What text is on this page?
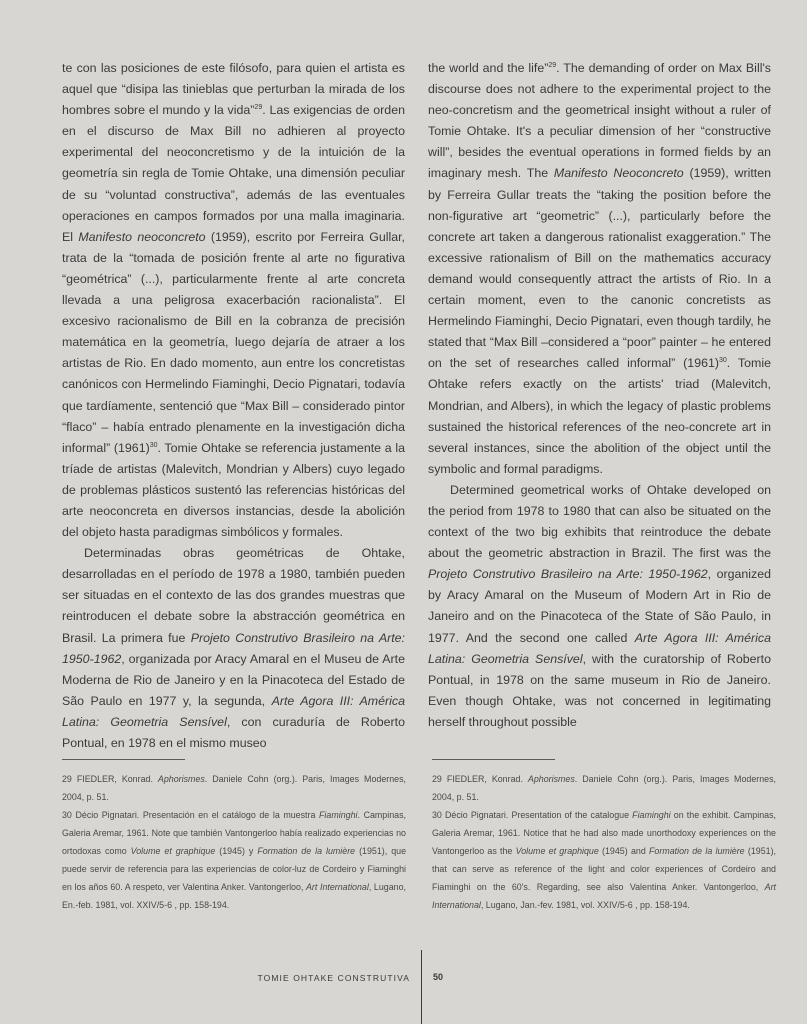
te con las posiciones de este filósofo, para quien el artista es aquel que “disipa las tinieblas que perturban la mirada de los hombres sobre el mundo y la vida”$^{29}$. Las exigencias de orden en el discurso de Max Bill no adhieren al proyecto experimental del neoconcretismo y de la intuición de la geometría sin regla de Tomie Ohtake, una dimensión peculiar de su “voluntad constructiva”, además de las eventuales operaciones en campos formados por una malla imaginaria. El Manifesto neoconcreto (1959), escrito por Ferreira Gullar, trata de la “tomada de posición frente al arte no figurativa “geométrica” (...), particularmente frente al arte concreta llevada a una peligrosa exacerbación racionalista”. El excesivo racionalismo de Bill en la cobranza de precisión matemática en la geometría, luego dejaría de atraer a los artistas de Rio. En dado momento, aun entre los concretistas canónicos con Hermelindo Fiaminghi, Decio Pignatari, todavía que tardíamente, sentenció que “Max Bill – considerado pintor “flaco” – había entrado plenamente en la investigación dicha informal” $(1961)^{30}$. Tomie Ohtake se referencia justamente a la tríade de artistas (Malevitch, Mondrian y Albers) cuyo legado de problemas plásticos sustentó las referencias históricas del arte neoconcreta en diversos instancias, desde la abolición del objeto hasta paradigmas simbólicos y formales.

Determinadas obras geométricas de Ohtake, desarrolladas en el período de 1978 a 1980, también pueden ser situadas en el contexto de las dos grandes muestras que reintroducen el debate sobre la abstracción geométrica en Brasil. La primera fue Projeto Construtivo Brasileiro na Arte: 1950-1962, organizada por Aracy Amaral en el Museu de Arte Moderna de Rio de Janeiro y en la Pinacoteca del Estado de São Paulo en 1977 y, la segunda, Arte Agora III: América Latina: Geometria Sensível, con curaduría de Roberto Pontual, en 1978 en el mismo museo

the world and the life”$^{29}$. The demanding of order on Max Bill's discourse does not adhere to the experimental project to the neo-concretism and the geometrical insight without a ruler of Tomie Ohtake. It's a peculiar dimension of her “constructive will”, besides the eventual operations in formed fields by an imaginary mesh. The Manifesto Neoconcreto (1959), written by Ferreira Gullar treats the “taking the position before the non-figurative art “geometric” (...), particularly before the concrete art taken a dangerous rationalist exaggeration.” The excessive rationalism of Bill on the mathematics accuracy demand would consequently attract the artists of Rio. In a certain moment, even to the canonic concretists as Hermelindo Fiaminghi, Decio Pignatari, even though tardily, he stated that “Max Bill –considered a “poor” painter – he entered on the set of researches called informal” $(1961)^{30}$. Tomie Ohtake refers exactly on the artists' triad (Malevitch, Mondrian, and Albers), in which the legacy of plastic problems sustained the historical references of the neo-concrete art in several instances, since the abolition of the object until the symbolic and formal paradigms.

Determined geometrical works of Ohtake developed on the period from 1978 to 1980 that can also be situated on the context of the two big exhibits that reintroduce the debate about the geometric abstraction in Brazil. The first was the Projeto Construtivo Brasileiro na Arte: 1950-1962, organized by Aracy Amaral on the Museum of Modern Art in Rio de Janeiro and on the Pinacoteca of the State of São Paulo, in 1977. And the second one called Arte Agora III: América Latina: Geometria Sensível, with the curatorship of Roberto Pontual, in 1978 on the same museum in Rio de Janeiro. Even though Ohtake, was not concerned in legitimating herself throughout possible

29 FIEDLER, Konrad. Aphorismes. Daniele Cohn (org.). Paris, Images Modernes, 2004, p. 51.

30 Décio Pignatari. Presentación en el catálogo de la muestra Fiaminghi. Campinas, Galeria Aremar, 1961. Note que también Vantongerloo había realizado experiencias no ortodoxas como Volume et graphique (1945) y Formation de la lumière (1951), que puede servir de referencia para las experiencias de color-luz de Cordeiro y Fiaminghi en los años 60. A respeto, ver Valentina Anker. Vantongerloo, Art International, Lugano, En.-feb. 1981, vol. XXIV/5-6 , pp. 158-194.

29 FIEDLER, Konrad. Aphorismes. Daniele Cohn (org.). Paris, Images Modernes, 2004, p. 51.

30 Décio Pignatari. Presentation of the catalogue Fiaminghi on the exhibit. Campinas, Galeria Aremar, 1961. Notice that he had also made unorthodoxy experiences on the Vantongerloo as the Volume et graphique (1945) and Formation de la lumière (1951), that can serve as reference of the light and color experiences of Cordeiro and Fiaminghi on the 60's. Regarding, see also Valentina Anker. Vantongerloo, Art International, Lugano, Jan.-fev. 1981, vol. XXIV/5-6 , pp. 158-194.

TOMIE OHTAKE CONSTRUTIVA	50
